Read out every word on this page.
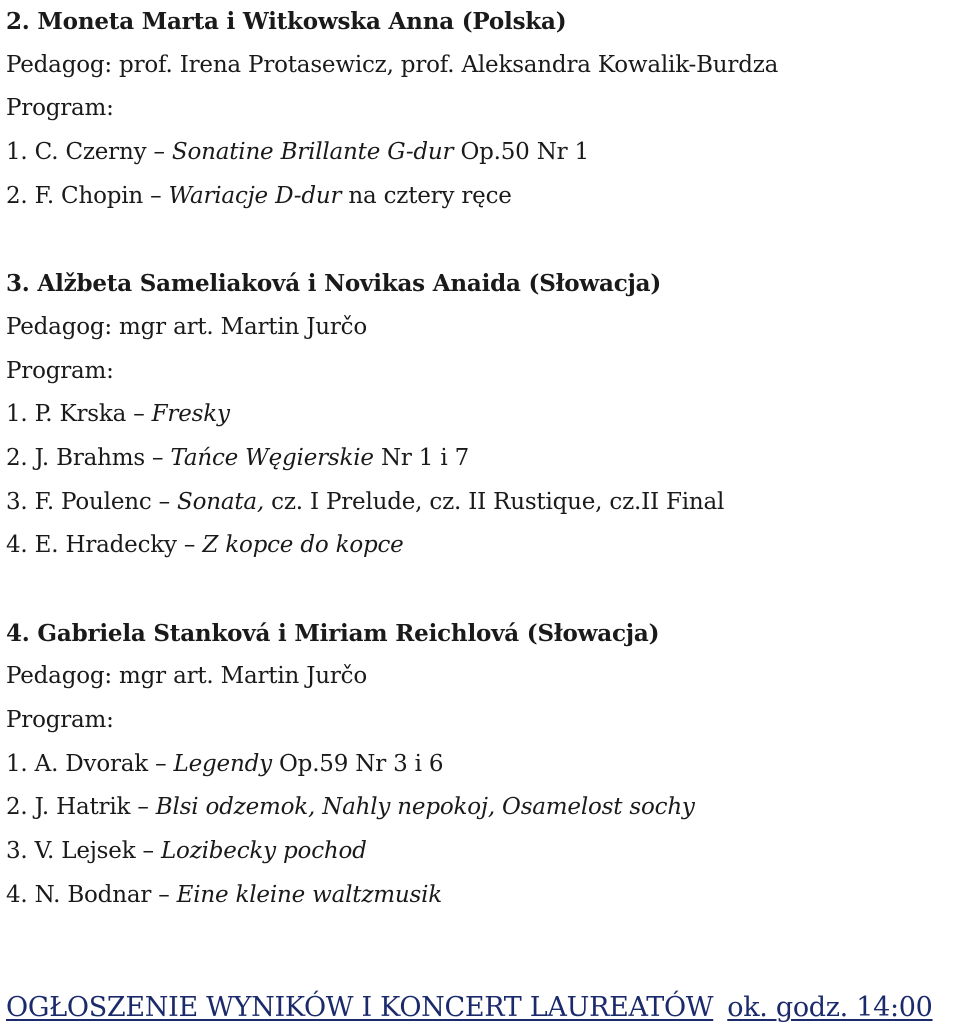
2. Moneta Marta i Witkowska Anna (Polska)
Pedagog: prof. Irena Protasewicz, prof. Aleksandra Kowalik-Burdza
Program:
1. C. Czerny – Sonatine Brillante G-dur Op.50 Nr 1
2. F. Chopin – Wariacje D-dur na cztery ręce
3. Alžbeta Sameliaková i Novikas Anaida (Słowacja)
Pedagog: mgr art. Martin Jurčo
Program:
1. P. Krska – Fresky
2. J. Brahms – Tańce Węgierskie Nr 1 i 7
3. F. Poulenc – Sonata, cz. I Prelude, cz. II Rustique, cz.II Final
4. E. Hradecky – Z kopce do kopce
4. Gabriela Stanková i Miriam Reichlová (Słowacja)
Pedagog: mgr art. Martin Jurčo
Program:
1. A. Dvorak – Legendy Op.59 Nr 3 i 6
2. J. Hatrik – Blsi odzemok, Nahly nepokoj, Osamelost sochy
3. V. Lejsek – Lozibecky pochod
4. N. Bodnar – Eine kleine waltzmusik
OGŁOSZENIE WYNIKÓW I KONCERT LAUREATÓW ok. godz. 14:00
